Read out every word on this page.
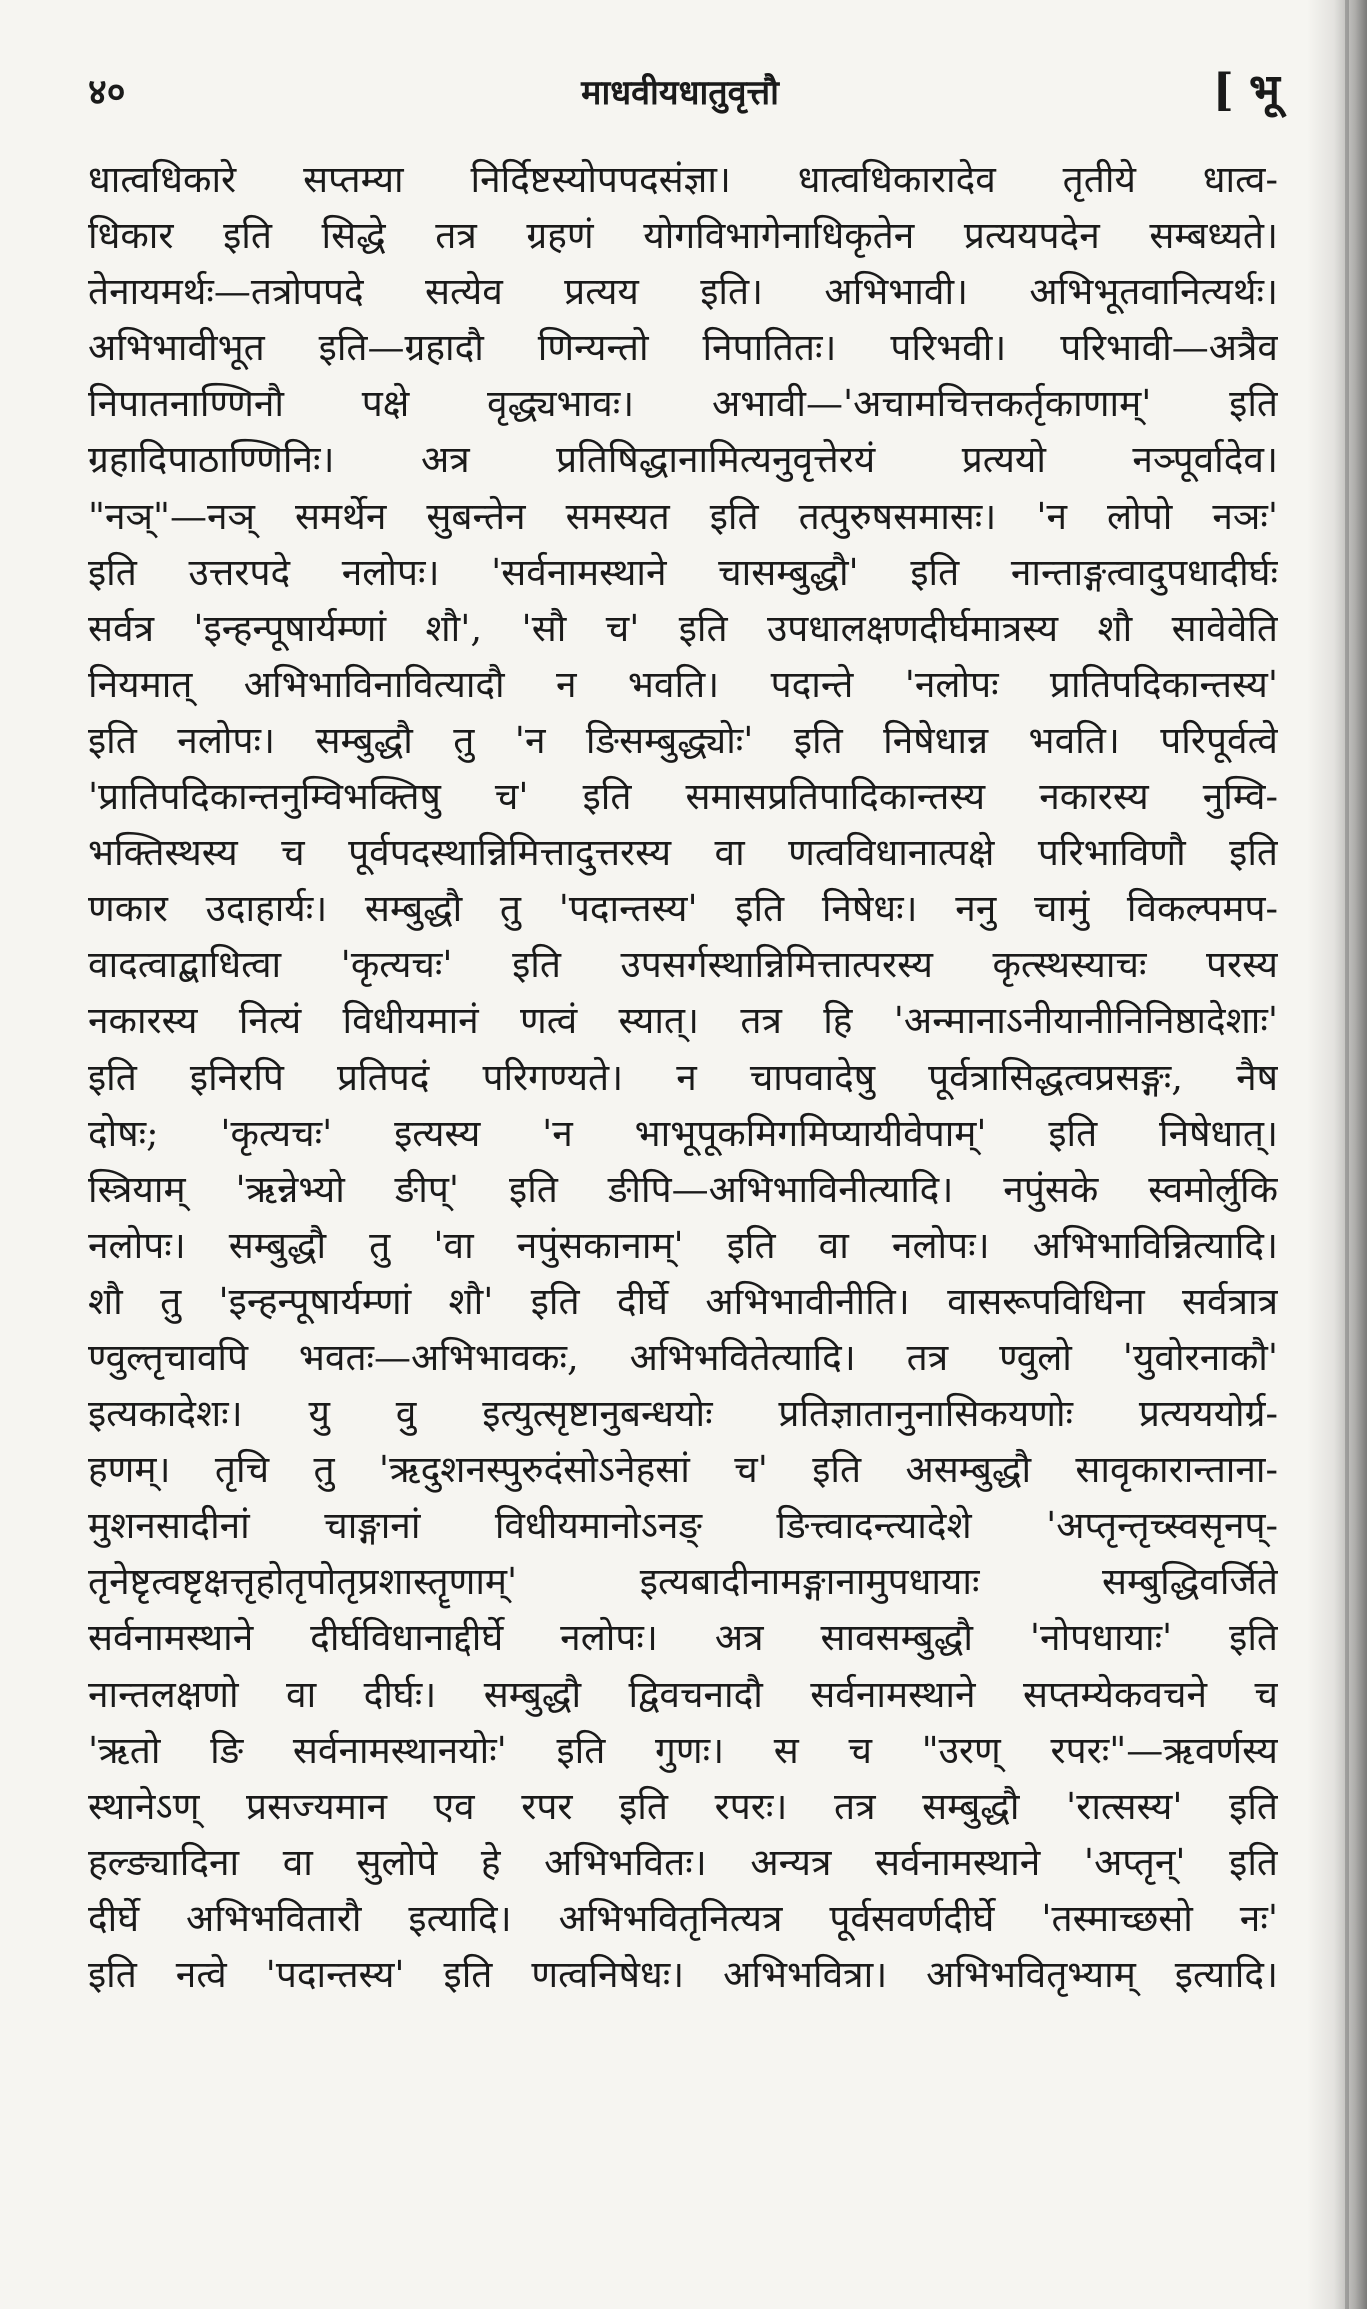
४०	माधवीयधातुवृत्तौ	[ भू
धात्वधिकारे सप्तम्या निर्दिष्टस्योपपदसंज्ञा। धात्वधिकारादेव तृतीये धात्व-
धिकार इति सिद्धे तत्र ग्रहणं योगविभागेनाधिकृतेन प्रत्ययपदेन सम्बध्यते।
तेनायमर्थः—तत्रोपपदे सत्येव प्रत्यय इति। अभिभावी। अभिभूतवानित्यर्थः।
अभिभावीभूत इति—ग्रहादौ णिन्यन्तो निपातितः। परिभवी। परिभावी—अत्रैव
निपातनाण्णिनौ पक्षे वृद्ध्यभावः। अभावी—'अचामचित्तकर्तृकाणाम्' इति
ग्रहादिपाठाण्णिनिः। अत्र प्रतिषिद्धानामित्यनुवृत्तेरयं प्रत्ययो नञ्पूर्वादेव।
"नञ्"—नञ् समर्थेन सुबन्तेन समस्यत इति तत्पुरुषसमासः। 'न लोपो नञः'
इति उत्तरपदे नलोपः। 'सर्वनामस्थाने चासम्बुद्धौ' इति नान्ताङ्गत्वादुपधादीर्घः
सर्वत्र 'इन्हन्पूषार्यम्णां शौ', 'सौ च' इति उपधालक्षणदीर्घमात्रस्य शौ सावेवेति
नियमात् अभिभाविनावित्यादौ न भवति। पदान्ते 'नलोपः प्रातिपदिकान्तस्य'
इति नलोपः। सम्बुद्धौ तु 'न ङिसम्बुद्ध्योः' इति निषेधान्न भवति। परिपूर्वत्वे
'प्रातिपदिकान्तनुम्विभक्तिषु च' इति समासप्रतिपादिकान्तस्य नकारस्य नुम्वि-
भक्तिस्थस्य च पूर्वपदस्थान्निमित्तादुत्तरस्य वा णत्वविधानात्पक्षे परिभाविणौ इति
णकार उदाहार्यः। सम्बुद्धौ तु 'पदान्तस्य' इति निषेधः। ननु चामुं विकल्पमप-
वादत्वाद्बाधित्वा 'कृत्यचः' इति उपसर्गस्थान्निमित्तात्परस्य कृत्स्थस्याचः परस्य
नकारस्य नित्यं विधीयमानं णत्वं स्यात्। तत्र हि 'अन्मानाऽनीयानीनिनिष्ठादेशाः'
इति इनिरपि प्रतिपदं परिगण्यते। न चापवादेषु पूर्वत्रासिद्धत्वप्रसङ्गः, नैष
दोषः; 'कृत्यचः' इत्यस्य 'न भाभूपूकमिगमिप्यायीवेपाम्' इति निषेधात्।
स्त्रियाम् 'ऋन्नेभ्यो ङीप्' इति ङीपि—अभिभाविनीत्यादि। नपुंसके स्वमोर्लुकि
नलोपः। सम्बुद्धौ तु 'वा नपुंसकानाम्' इति वा नलोपः। अभिभाविन्नित्यादि।
शौ तु 'इन्हन्पूषार्यम्णां शौ' इति दीर्घे अभिभावीनीति। वासरूपविधिना सर्वत्रात्र
ण्वुल्तृचावपि भवतः—अभिभावकः, अभिभवितेत्यादि। तत्र ण्वुलो 'युवोरनाकौ'
इत्यकादेशः। यु वु इत्युत्सृष्टानुबन्धयोः प्रतिज्ञातानुनासिकयणोः प्रत्यययोर्ग्र-
हणम्। तृचि तु 'ऋदुशनस्पुरुदंसोऽनेहसां च' इति असम्बुद्धौ सावृकारान्ताना-
मुशनसादीनां चाङ्गानां विधीयमानोऽनङ् ङित्त्वादन्त्यादेशे 'अप्तृन्तृच्स्वसृनप्-
तृनेष्टृत्वष्टृक्षत्तृहोतृपोतृप्रशास्तॄणाम्' इत्यबादीनामङ्गानामुपधायाः सम्बुद्धिवर्जिते
सर्वनामस्थाने दीर्घविधानाद्दीर्घे नलोपः। अत्र सावसम्बुद्धौ 'नोपधायाः' इति
नान्तलक्षणो वा दीर्घः। सम्बुद्धौ द्विवचनादौ सर्वनामस्थाने सप्तम्येकवचने च
'ऋतो ङि सर्वनामस्थानयोः' इति गुणः। स च "उरण् रपरः"—ऋवर्णस्य
स्थानेऽण् प्रसज्यमान एव रपर इति रपरः। तत्र सम्बुद्धौ 'रात्सस्य' इति
हल्ङ्यादिना वा सुलोपे हे अभिभवितः। अन्यत्र सर्वनामस्थाने 'अप्तृन्' इति
दीर्घे अभिभवितारौ इत्यादि। अभिभवितृनित्यत्र पूर्वसवर्णदीर्घे 'तस्माच्छसो नः'
इति नत्वे 'पदान्तस्य' इति णत्वनिषेधः। अभिभवित्रा। अभिभवितृभ्याम् इत्यादि।
